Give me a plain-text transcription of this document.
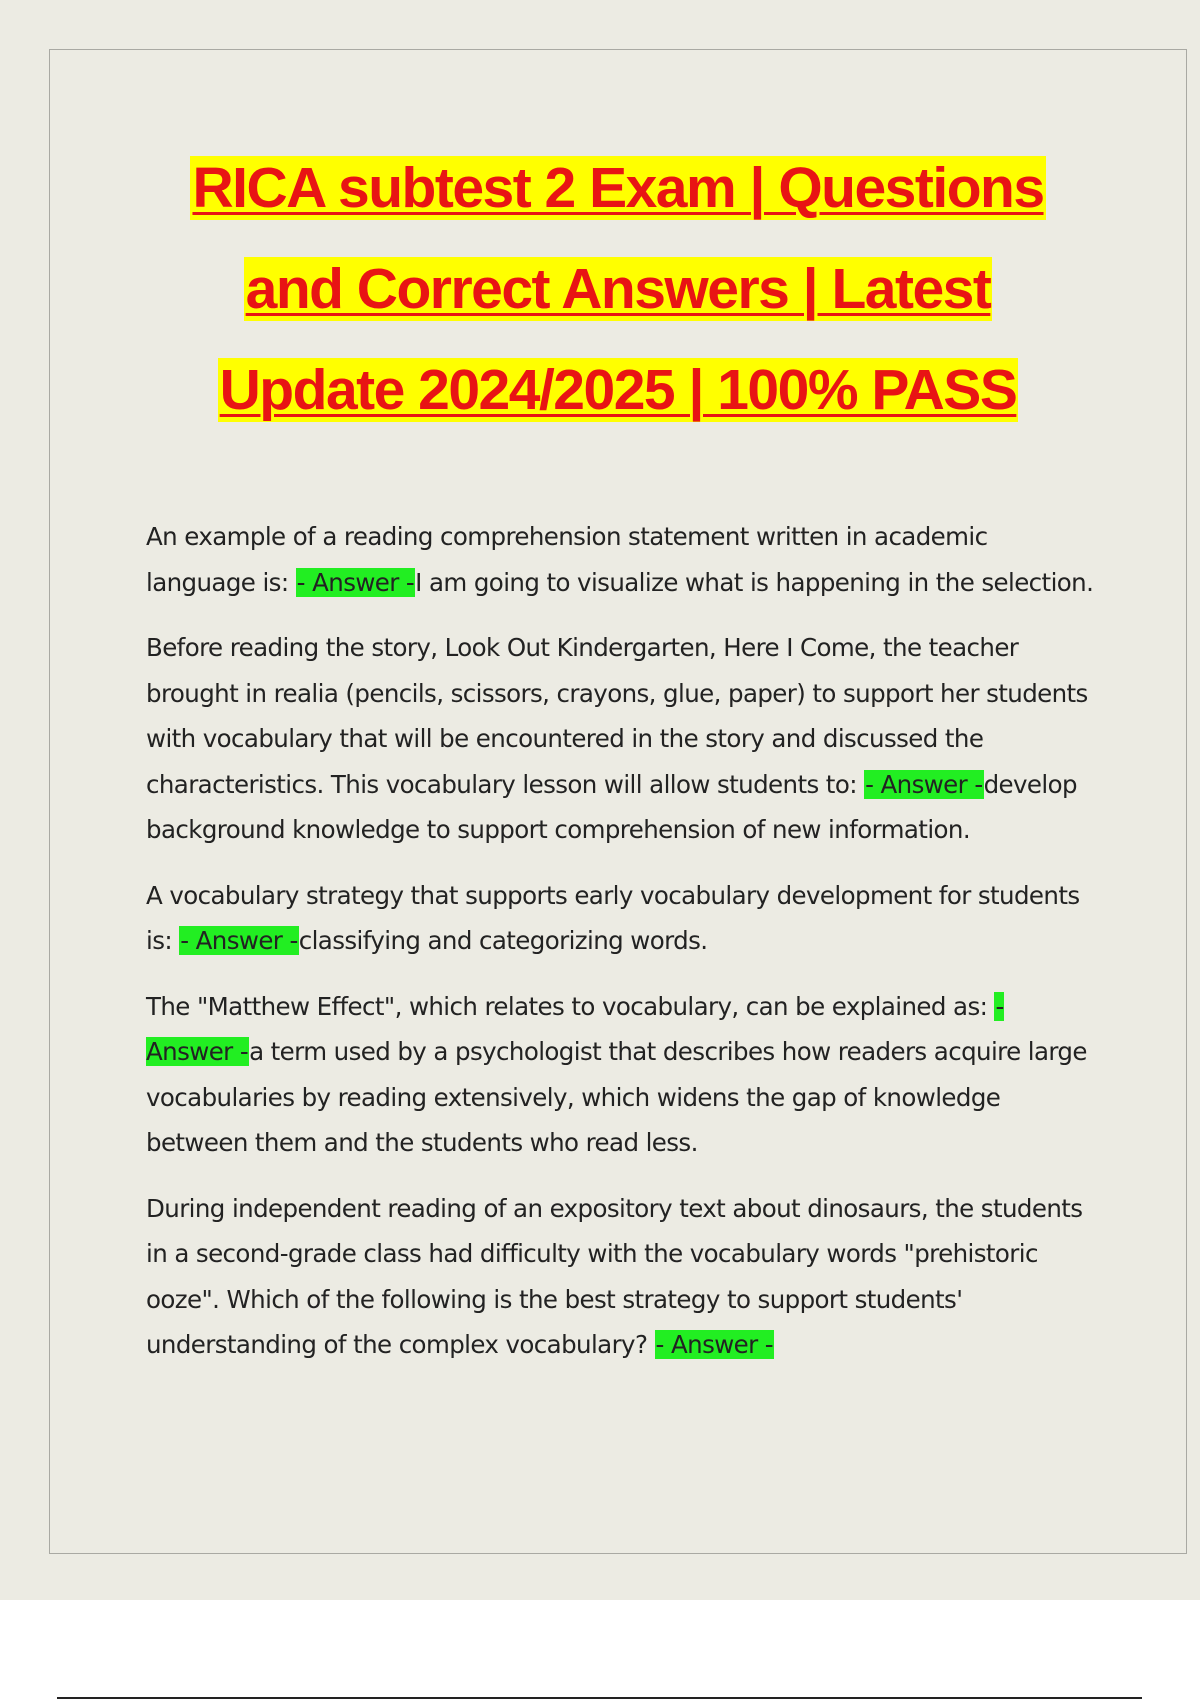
RICA subtest 2 Exam | Questions
and Correct Answers | Latest
Update 2024/2025 | 100% PASS

An example of a reading comprehension statement written in academic language is: - Answer -I am going to visualize what is happening in the selection.

Before reading the story, Look Out Kindergarten, Here I Come, the teacher brought in realia (pencils, scissors, crayons, glue, paper) to support her students with vocabulary that will be encountered in the story and discussed the characteristics. This vocabulary lesson will allow students to: - Answer -develop background knowledge to support comprehension of new information.

A vocabulary strategy that supports early vocabulary development for students is: - Answer -classifying and categorizing words.

The "Matthew Effect", which relates to vocabulary, can be explained as: - Answer -a term used by a psychologist that describes how readers acquire large vocabularies by reading extensively, which widens the gap of knowledge between them and the students who read less.

During independent reading of an expository text about dinosaurs, the students in a second-grade class had difficulty with the vocabulary words "prehistoric ooze". Which of the following is the best strategy to support students' understanding of the complex vocabulary? - Answer -
